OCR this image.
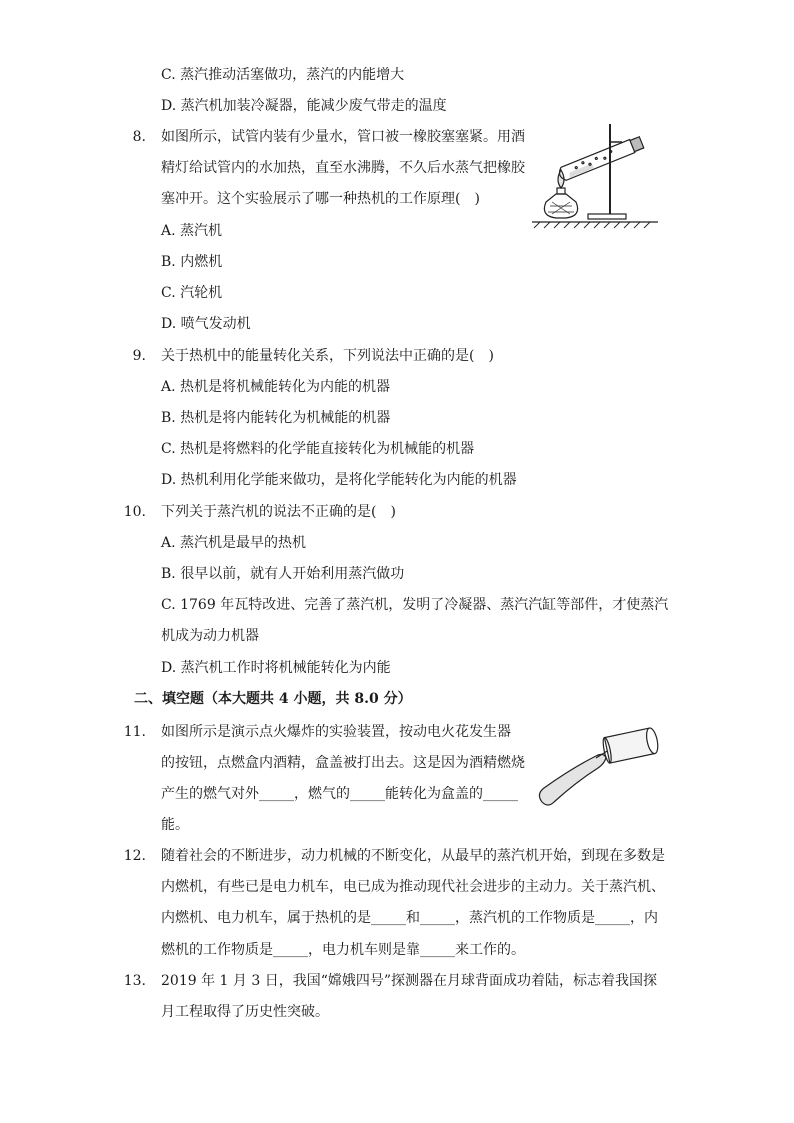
C. 蒸汽推动活塞做功，蒸汽的内能增大
D. 蒸汽机加装冷凝器，能减少废气带走的温度
8. 如图所示，试管内装有少量水，管口被一橡胶塞塞紧。用酒
精灯给试管内的水加热，直至水沸腾，不久后水蒸气把橡胶
塞冲开。这个实验展示了哪一种热机的工作原理(　)
A. 蒸汽机
B. 内燃机
C. 汽轮机
D. 喷气发动机
9. 关于热机中的能量转化关系，下列说法中正确的是(　)
A. 热机是将机械能转化为内能的机器
B. 热机是将内能转化为机械能的机器
C. 热机是将燃料的化学能直接转化为机械能的机器
D. 热机利用化学能来做功，是将化学能转化为内能的机器
10. 下列关于蒸汽机的说法不正确的是(　)
A. 蒸汽机是最早的热机
B. 很早以前，就有人开始利用蒸汽做功
C. 1769 年瓦特改进、完善了蒸汽机，发明了冷凝器、蒸汽汽缸等部件，才使蒸汽
机成为动力机器
D. 蒸汽机工作时将机械能转化为内能
二、填空题（本大题共 4 小题，共 8.0 分）
11. 如图所示是演示点火爆炸的实验装置，按动电火花发生器
的按钮，点燃盒内酒精，盒盖被打出去。这是因为酒精燃烧
产生的燃气对外_____，燃气的_____能转化为盒盖的_____
能。
12. 随着社会的不断进步，动力机械的不断变化，从最早的蒸汽机开始，到现在多数是
内燃机，有些已是电力机车，电已成为推动现代社会进步的主动力。关于蒸汽机、
内燃机、电力机车，属于热机的是_____和_____，蒸汽机的工作物质是_____，内
燃机的工作物质是_____，电力机车则是靠_____来工作的。
13. 2019 年 1 月 3 日，我国“嫦娥四号”探测器在月球背面成功着陆，标志着我国探
月工程取得了历史性突破。
